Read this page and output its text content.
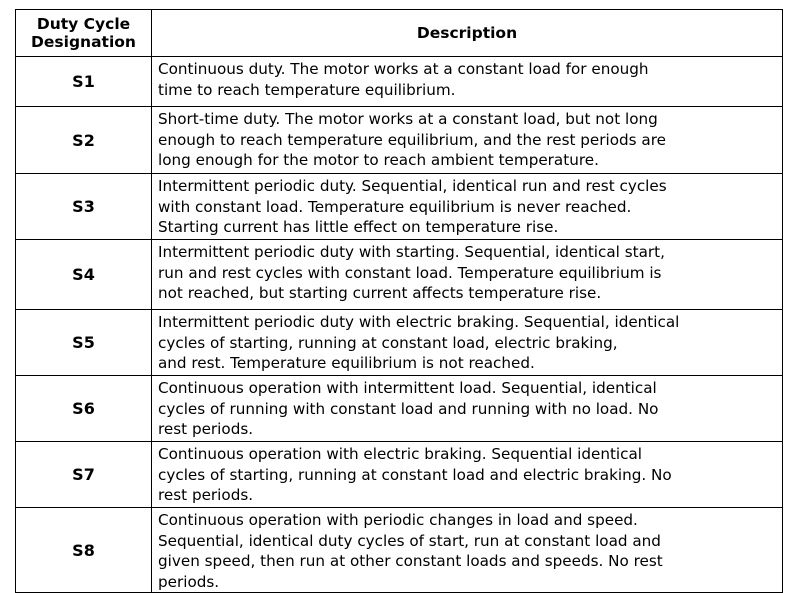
Duty Cycle
Designation	Description
S1	Continuous duty. The motor works at a constant load for enough
time to reach temperature equilibrium.

S2	Short-time duty. The motor works at a constant load, but not long
enough to reach temperature equilibrium, and the rest periods are
long enough for the motor to reach ambient temperature.

S3	Intermittent periodic duty. Sequential, identical run and rest cycles
with constant load. Temperature equilibrium is never reached.
Starting current has little effect on temperature rise.

S4	Intermittent periodic duty with starting. Sequential, identical start,
run and rest cycles with constant load. Temperature equilibrium is
not reached, but starting current affects temperature rise.

S5	Intermittent periodic duty with electric braking. Sequential, identical
cycles of starting, running at constant load, electric braking,
and rest. Temperature equilibrium is not reached.

S6	Continuous operation with intermittent load. Sequential, identical
cycles of running with constant load and running with no load. No
rest periods.

S7	Continuous operation with electric braking. Sequential identical
cycles of starting, running at constant load and electric braking. No
rest periods.

S8	Continuous operation with periodic changes in load and speed.
Sequential, identical duty cycles of start, run at constant load and
given speed, then run at other constant loads and speeds. No rest
periods.
